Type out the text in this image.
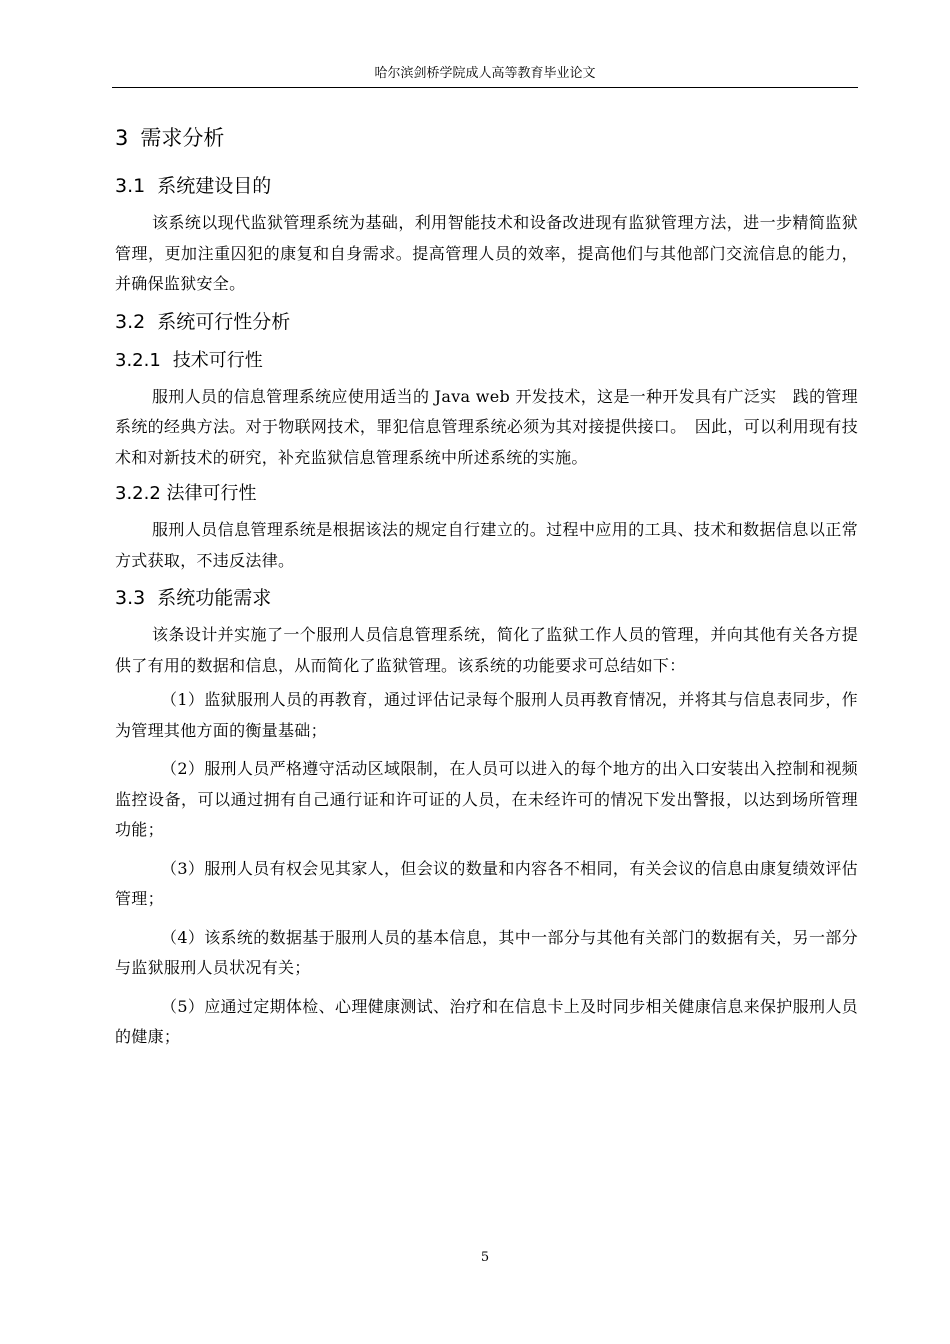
哈尔滨剑桥学院成人高等教育毕业论文
3 需求分析
3.1 系统建设目的

该系统以现代监狱管理系统为基础，利用智能技术和设备改进现有监狱管理方法，进一步精简监狱管理，更加注重囚犯的康复和自身需求。提高管理人员的效率，提高他们与其他部门交流信息的能力，并确保监狱安全。

3.2 系统可行性分析
3.2.1 技术可行性

服刑人员的信息管理系统应使用适当的 Java web 开发技术，这是一种开发具有广泛实　践的管理系统的经典方法。对于物联网技术，罪犯信息管理系统必须为其对接提供接口。　因此，可以利用现有技术和对新技术的研究，补充监狱信息管理系统中所述系统的实施。

3.2.2 法律可行性

服刑人员信息管理系统是根据该法的规定自行建立的。过程中应用的工具、技术和数据信息以正常方式获取，不违反法律。

3.3 系统功能需求

该条设计并实施了一个服刑人员信息管理系统，简化了监狱工作人员的管理，并向其他有关各方提供了有用的数据和信息，从而简化了监狱管理。该系统的功能要求可总结如下：

（1）监狱服刑人员的再教育，通过评估记录每个服刑人员再教育情况，并将其与信息表同步，作为管理其他方面的衡量基础；

（2）服刑人员严格遵守活动区域限制，在人员可以进入的每个地方的出入口安装出入控制和视频监控设备，可以通过拥有自己通行证和许可证的人员，在未经许可的情况下发出警报，以达到场所管理功能；

（3）服刑人员有权会见其家人，但会议的数量和内容各不相同，有关会议的信息由康复绩效评估管理；

（4）该系统的数据基于服刑人员的基本信息，其中一部分与其他有关部门的数据有关，另一部分与监狱服刑人员状况有关；

（5）应通过定期体检、心理健康测试、治疗和在信息卡上及时同步相关健康信息来保护服刑人员的健康；

5
